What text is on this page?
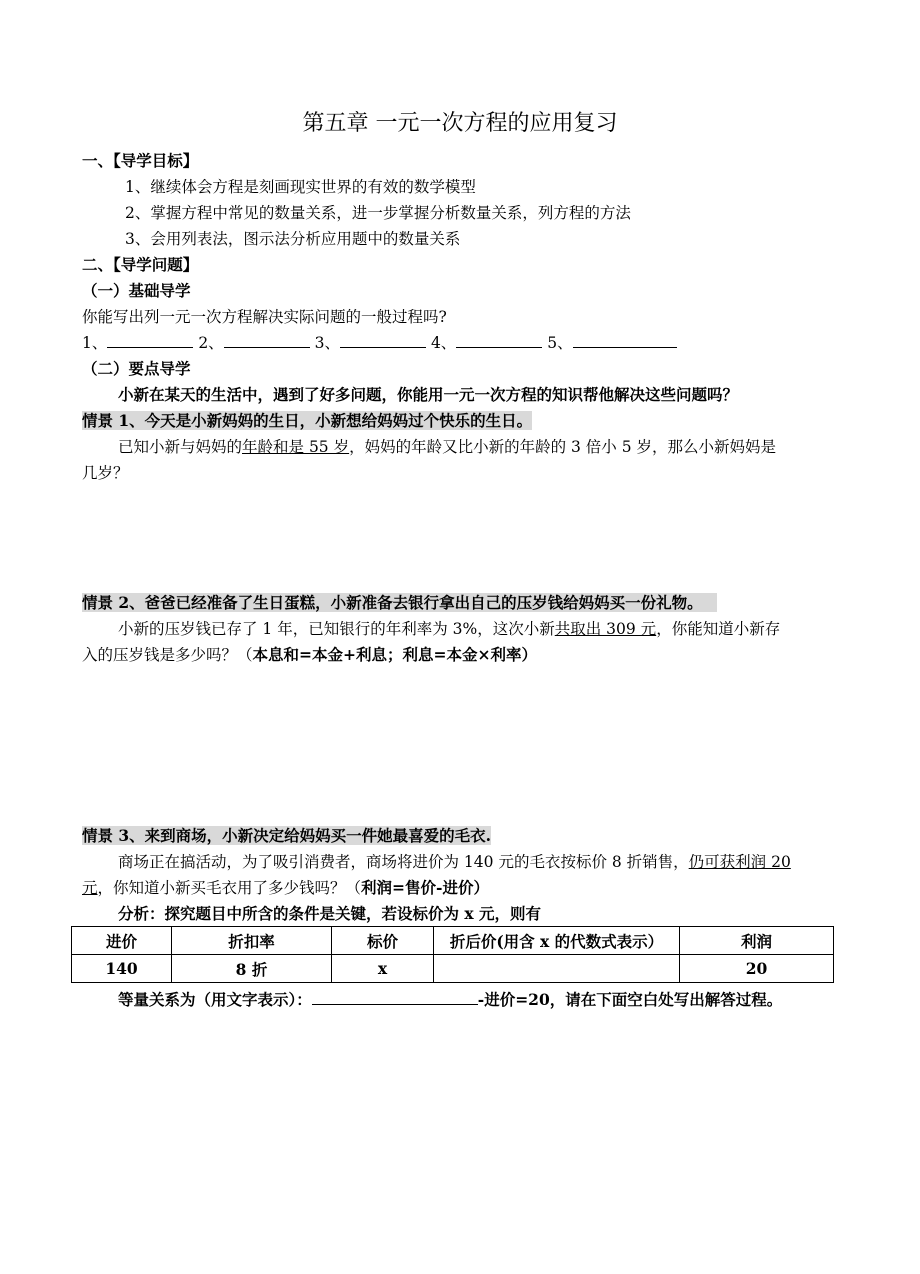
第五章 一元一次方程的应用复习
一、【导学目标】
1、继续体会方程是刻画现实世界的有效的数学模型
2、掌握方程中常见的数量关系，进一步掌握分析数量关系，列方程的方法
3、会用列表法，图示法分析应用题中的数量关系
二、【导学问题】
（一）基础导学
你能写出列一元一次方程解决实际问题的一般过程吗?
1、	2、	3、	4、	5、
（二）要点导学
小新在某天的生活中，遇到了好多问题，你能用一元一次方程的知识帮他解决这些问题吗？
情景 1、今天是小新妈妈的生日，小新想给妈妈过个快乐的生日。
已知小新与妈妈的年龄和是 55 岁，妈妈的年龄又比小新的年龄的 3 倍小 5 岁，那么小新妈妈是
几岁？
情景 2、爸爸已经准备了生日蛋糕，小新准备去银行拿出自己的压岁钱给妈妈买一份礼物。
小新的压岁钱已存了 1 年，已知银行的年利率为 3%，这次小新共取出 309 元，你能知道小新存
入的压岁钱是多少吗？（本息和=本金+利息；利息=本金×利率）
情景 3、来到商场，小新决定给妈妈买一件她最喜爱的毛衣.
商场正在搞活动，为了吸引消费者，商场将进价为 140 元的毛衣按标价 8 折销售，仍可获利润 20
元，你知道小新买毛衣用了多少钱吗？（利润=售价-进价）
分析：探究题目中所含的条件是关键，若设标价为 x 元，则有
进价	折扣率	标价	折后价(用含 x 的代数式表示）	利润
140	8 折	x		20
等量关系为（用文字表示）：	-进价=20，请在下面空白处写出解答过程。
